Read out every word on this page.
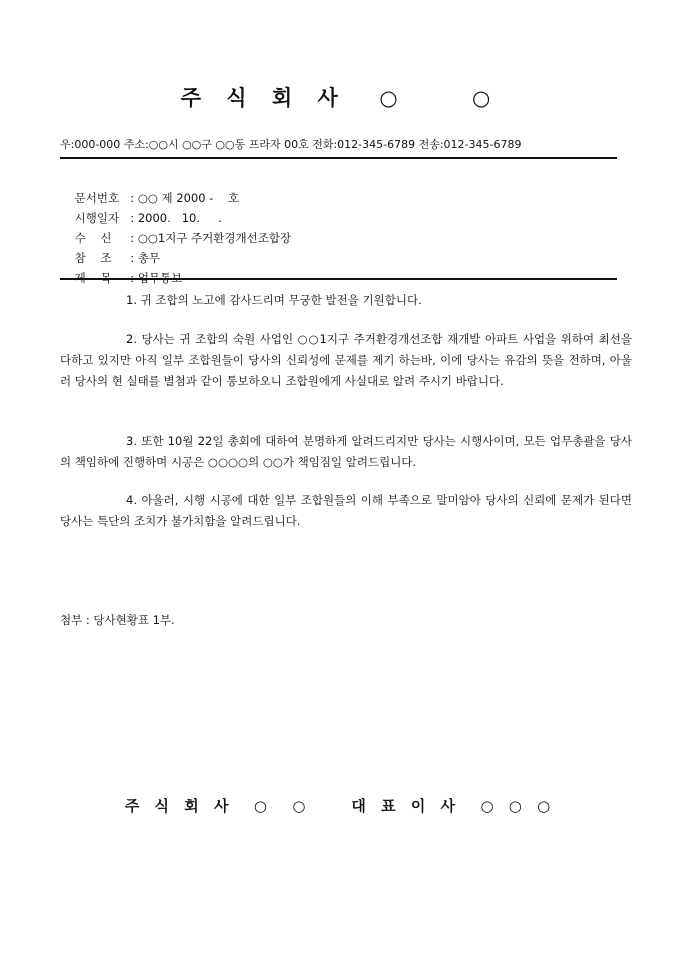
주 식 회 사  ○    ○
우:000-000 주소:○○시 ○○구 ○○동 프라자 00호 전화:012-345-6789 전송:012-345-6789

문서번호 : ○○ 제 2000 -    호

시행일자 : 2000.   10.     .

수    신 : ○○1지구 주거환경개선조합장

참    조 : 총무

제    목 : 업무통보

1. 귀 조합의 노고에 감사드리며 무궁한 발전을 기원합니다.

2. 당사는 귀 조합의 숙원 사업인 ○○1지구 주거환경개선조합 재개발 아파트 사업을 위하여 최선을 다하고 있지만 아직 일부 조합원들이 당사의 신뢰성에 문제를 제기 하는바, 이에 당사는 유감의 뜻을 전하며, 아울러 당사의 현 실태를 별첨과 같이 통보하오니 조합원에게 사실대로 알려 주시기 바랍니다.

3. 또한 10월 22일 총회에 대하여 분명하게 알려드리지만 당사는 시행사이며, 모든 업무총괄을 당사의 책임하에 진행하며 시공은 ○○○○의 ○○가 책임짐일 알려드립니다.

4. 아울러, 시행 시공에 대한 일부 조합원들의 이해 부족으로 말미암아 당사의 신뢰에 문제가 된다면 당사는 특단의 조치가 불가치함을 알려드립니다.

첨부 : 당사현황표 1부.
주 식 회 사  ○  ○    대 표 이 사  ○ ○ ○
